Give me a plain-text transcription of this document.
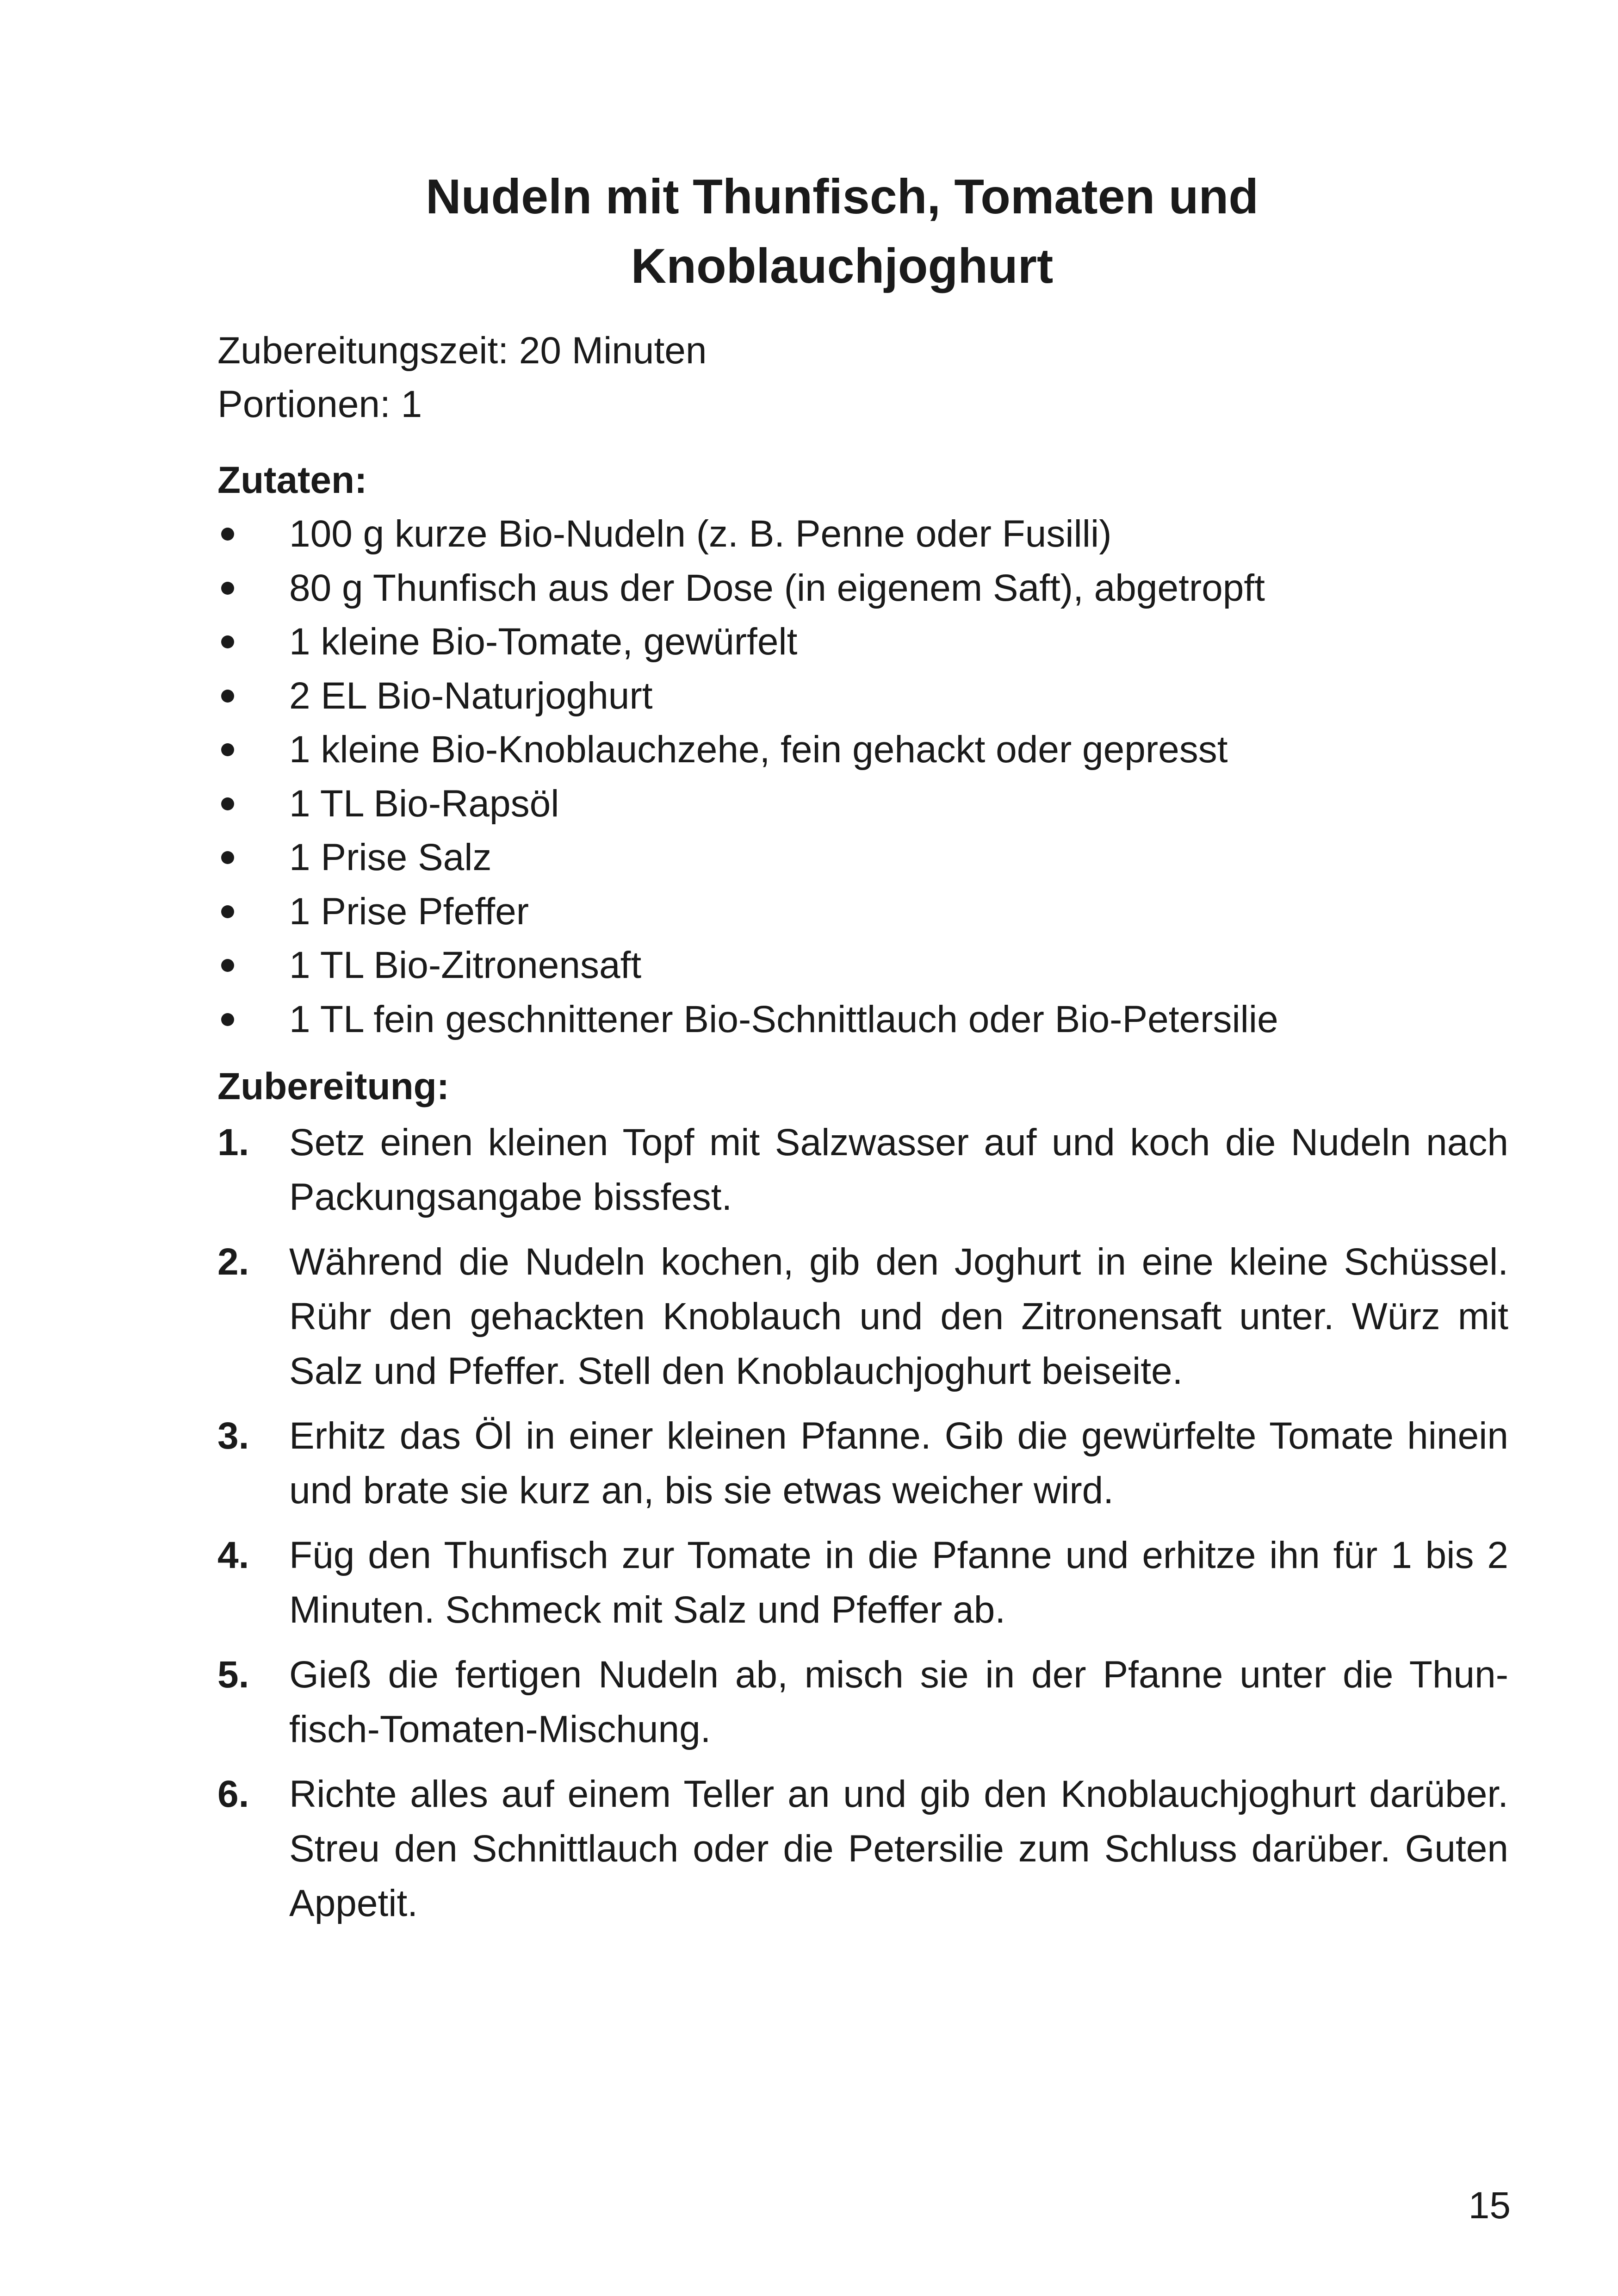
Nudeln mit Thunfisch, Tomaten und
Knoblauchjoghurt
Zubereitungszeit: 20 Minuten
Portionen: 1
Zutaten:
100 g kurze Bio-Nudeln (z. B. Penne oder Fusilli)
80 g Thunfisch aus der Dose (in eigenem Saft), abgetropft
1 kleine Bio-Tomate, gewürfelt
2 EL Bio-Naturjoghurt
1 kleine Bio-Knoblauchzehe, fein gehackt oder gepresst
1 TL Bio-Rapsöl
1 Prise Salz
1 Prise Pfeffer
1 TL Bio-Zitronensaft
1 TL fein geschnittener Bio-Schnittlauch oder Bio-Petersilie
Zubereitung:
1. Setz einen kleinen Topf mit Salzwasser auf und koch die Nudeln nach Packungsangabe bissfest.
2. Während die Nudeln kochen, gib den Joghurt in eine kleine Schüssel. Rühr den gehackten Knoblauch und den Zitronensaft unter. Würz mit Salz und Pfeffer. Stell den Knoblauchjoghurt beiseite.
3. Erhitz das Öl in einer kleinen Pfanne. Gib die gewürfelte Tomate hinein und brate sie kurz an, bis sie etwas weicher wird.
4. Füg den Thunfisch zur Tomate in die Pfanne und erhitze ihn für 1 bis 2 Minuten. Schmeck mit Salz und Pfeffer ab.
5. Gieß die fertigen Nudeln ab, misch sie in der Pfanne unter die Thunfisch-Tomaten-Mischung.
6. Richte alles auf einem Teller an und gib den Knoblauchjoghurt darüber. Streu den Schnittlauch oder die Petersilie zum Schluss darüber. Guten Appetit.
15
